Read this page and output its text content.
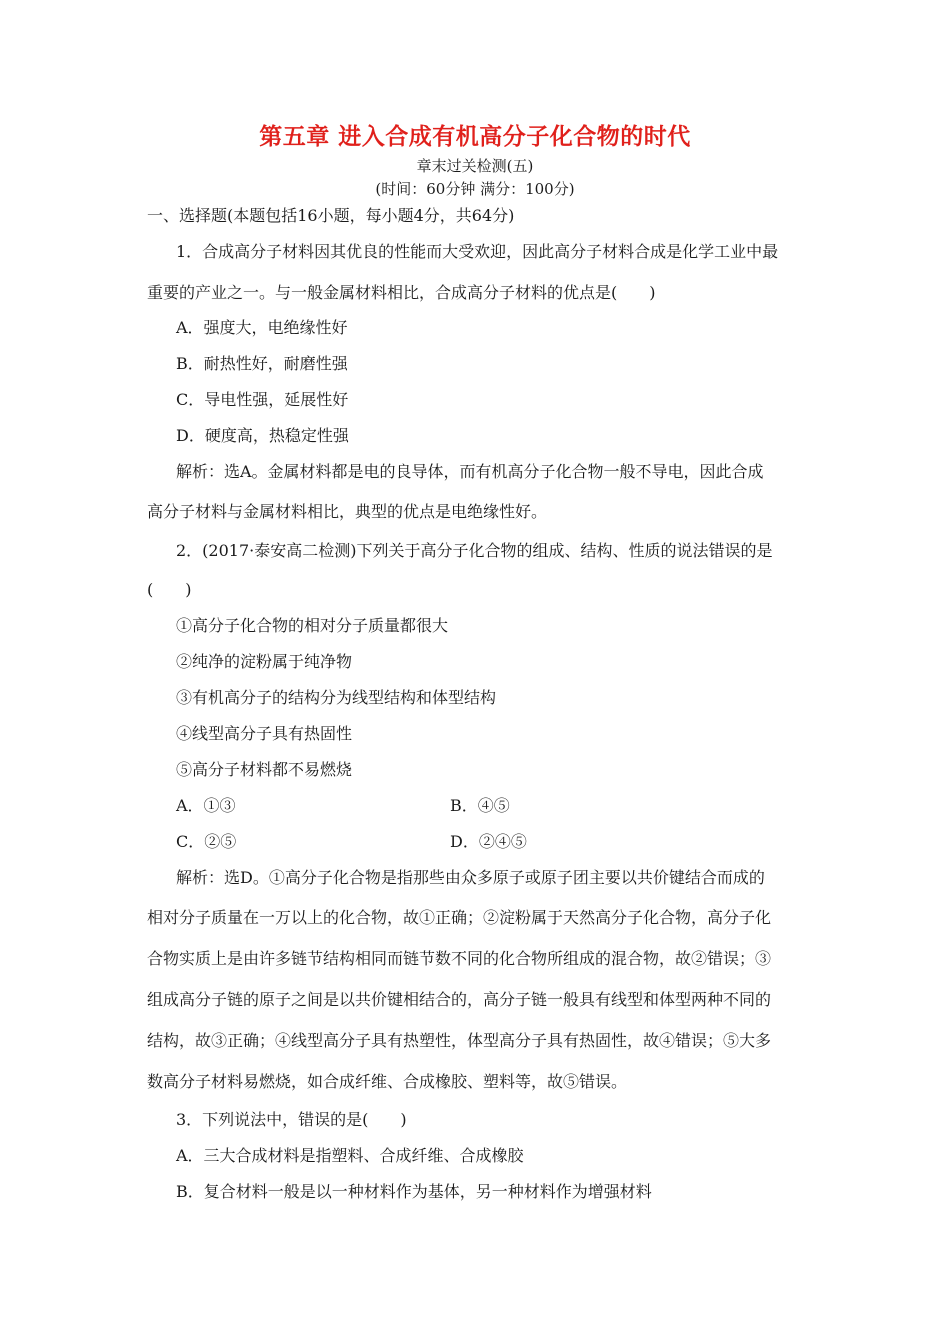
第五章 进入合成有机高分子化合物的时代
章末过关检测(五)
(时间：60分钟 满分：100分)
一、选择题(本题包括16小题，每小题4分，共64分)
1．合成高分子材料因其优良的性能而大受欢迎，因此高分子材料合成是化学工业中最
重要的产业之一。与一般金属材料相比，合成高分子材料的优点是(　　)
A．强度大，电绝缘性好
B．耐热性好，耐磨性强
C．导电性强，延展性好
D．硬度高，热稳定性强
解析：选A。金属材料都是电的良导体，而有机高分子化合物一般不导电，因此合成
高分子材料与金属材料相比，典型的优点是电绝缘性好。
2．(2017·泰安高二检测)下列关于高分子化合物的组成、结构、性质的说法错误的是
(　　)
①高分子化合物的相对分子质量都很大
②纯净的淀粉属于纯净物
③有机高分子的结构分为线型结构和体型结构
④线型高分子具有热固性
⑤高分子材料都不易燃烧
A．①③	B．④⑤
C．②⑤	D．②④⑤
解析：选D。①高分子化合物是指那些由众多原子或原子团主要以共价键结合而成的
相对分子质量在一万以上的化合物，故①正确；②淀粉属于天然高分子化合物，高分子化
合物实质上是由许多链节结构相同而链节数不同的化合物所组成的混合物，故②错误；③
组成高分子链的原子之间是以共价键相结合的，高分子链一般具有线型和体型两种不同的
结构，故③正确；④线型高分子具有热塑性，体型高分子具有热固性，故④错误；⑤大多
数高分子材料易燃烧，如合成纤维、合成橡胶、塑料等，故⑤错误。
3．下列说法中，错误的是(　　)
A．三大合成材料是指塑料、合成纤维、合成橡胶
B．复合材料一般是以一种材料作为基体，另一种材料作为增强材料
